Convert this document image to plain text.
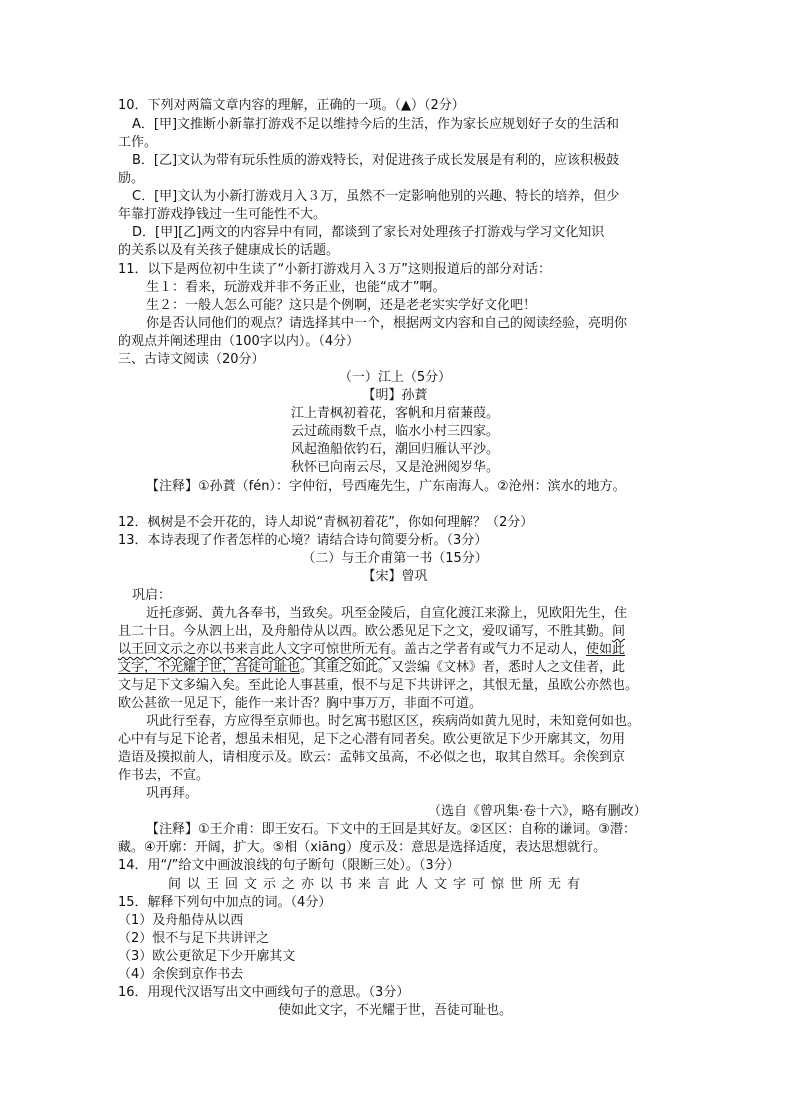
10．下列对两篇文章内容的理解，正确的一项。（▲）（2分）
A．[甲]文推断小新靠打游戏不足以维持今后的生活，作为家长应规划好子女的生活和
工作。
B．[乙]文认为带有玩乐性质的游戏特长，对促进孩子成长发展是有利的，应该积极鼓
励。
C．[甲]文认为小新打游戏月入３万，虽然不一定影响他别的兴趣、特长的培养，但少
年靠打游戏挣钱过一生可能性不大。
D．[甲][乙]两文的内容异中有同，都谈到了家长对处理孩子打游戏与学习文化知识
的关系以及有关孩子健康成长的话题。
11．以下是两位初中生读了“小新打游戏月入３万”这则报道后的部分对话：
生１：看来，玩游戏并非不务正业，也能“成才”啊。
生２：一般人怎么可能？这只是个例啊，还是老老实实学好文化吧！
你是否认同他们的观点？请选择其中一个，根据两文内容和自己的阅读经验，亮明你
的观点并阐述理由（100字以内）。（4分）
三、古诗文阅读（20分）
（一）江上（5分）
【明】孙蕡
江上青枫初着花，客帆和月宿蒹葭。
云过疏雨数千点，临水小村三四家。
风起渔船依钓石，潮回归雁认平沙。
秋怀已向南云尽，又是沧洲阅岁华。
【注释】①孙蕡（fén）：字仲衍，号西庵先生，广东南海人。②沧州：滨水的地方。
12．枫树是不会开花的，诗人却说“青枫初着花”，你如何理解？（2分）
13．本诗表现了作者怎样的心境？请结合诗句简要分析。（3分）
（二）与王介甫第一书（15分）
【宋】曾巩
巩启：
近托彦弼、黄九各奉书，当致矣。巩至金陵后，自宣化渡江来滁上，见欧阳先生，住
且二十日。今从泗上出，及舟船侍从以西。欧公悉见足下之文，爱叹诵写，不胜其勤。间
以王回文示之亦以书来言此人文字可惊世所无有。盖古之学者有或气力不足动人，使如此
文字，不光耀于世，吾徒可耻也。其重之如此。又尝编《文林》者，悉时人之文佳者，此
文与足下文多编入矣。至此论人事甚重，恨不与足下共讲评之，其恨无量，虽欧公亦然也。
欧公甚欲一见足下，能作一来计否？胸中事万万，非面不可道。
巩此行至春，方应得至京师也。时乞寓书慰区区，疾病尚如黄九见时，未知竟何如也。
心中有与足下论者，想虽未相见，足下之心潜有同者矣。欧公更欲足下少开廓其文，勿用
造语及摸拟前人，请相度示及。欧云：孟韩文虽高，不必似之也，取其自然耳。余俟到京
作书去，不宣。
巩再拜。
（选自《曾巩集·卷十六》，略有删改）
【注释】①王介甫：即王安石。下文中的王回是其好友。②区区：自称的谦词。③潜：
藏。④开廓：开阔，扩大。⑤相（xiānɡ）度示及：意思是选择适度，表达思想就行。
14．用“/”给文中画波浪线的句子断句（限断三处）。（3分）
间以王回文示之亦以书来言此人文字可惊世所无有
15．解释下列句中加点的词。（4分）
（1）及舟船侍从以西
（2）恨不与足下共讲评之
（3）欧公更欲足下少开廓其文
（4）余俟到京作书去
16．用现代汉语写出文中画线句子的意思。（3分）
使如此文字，不光耀于世，吾徒可耻也。
